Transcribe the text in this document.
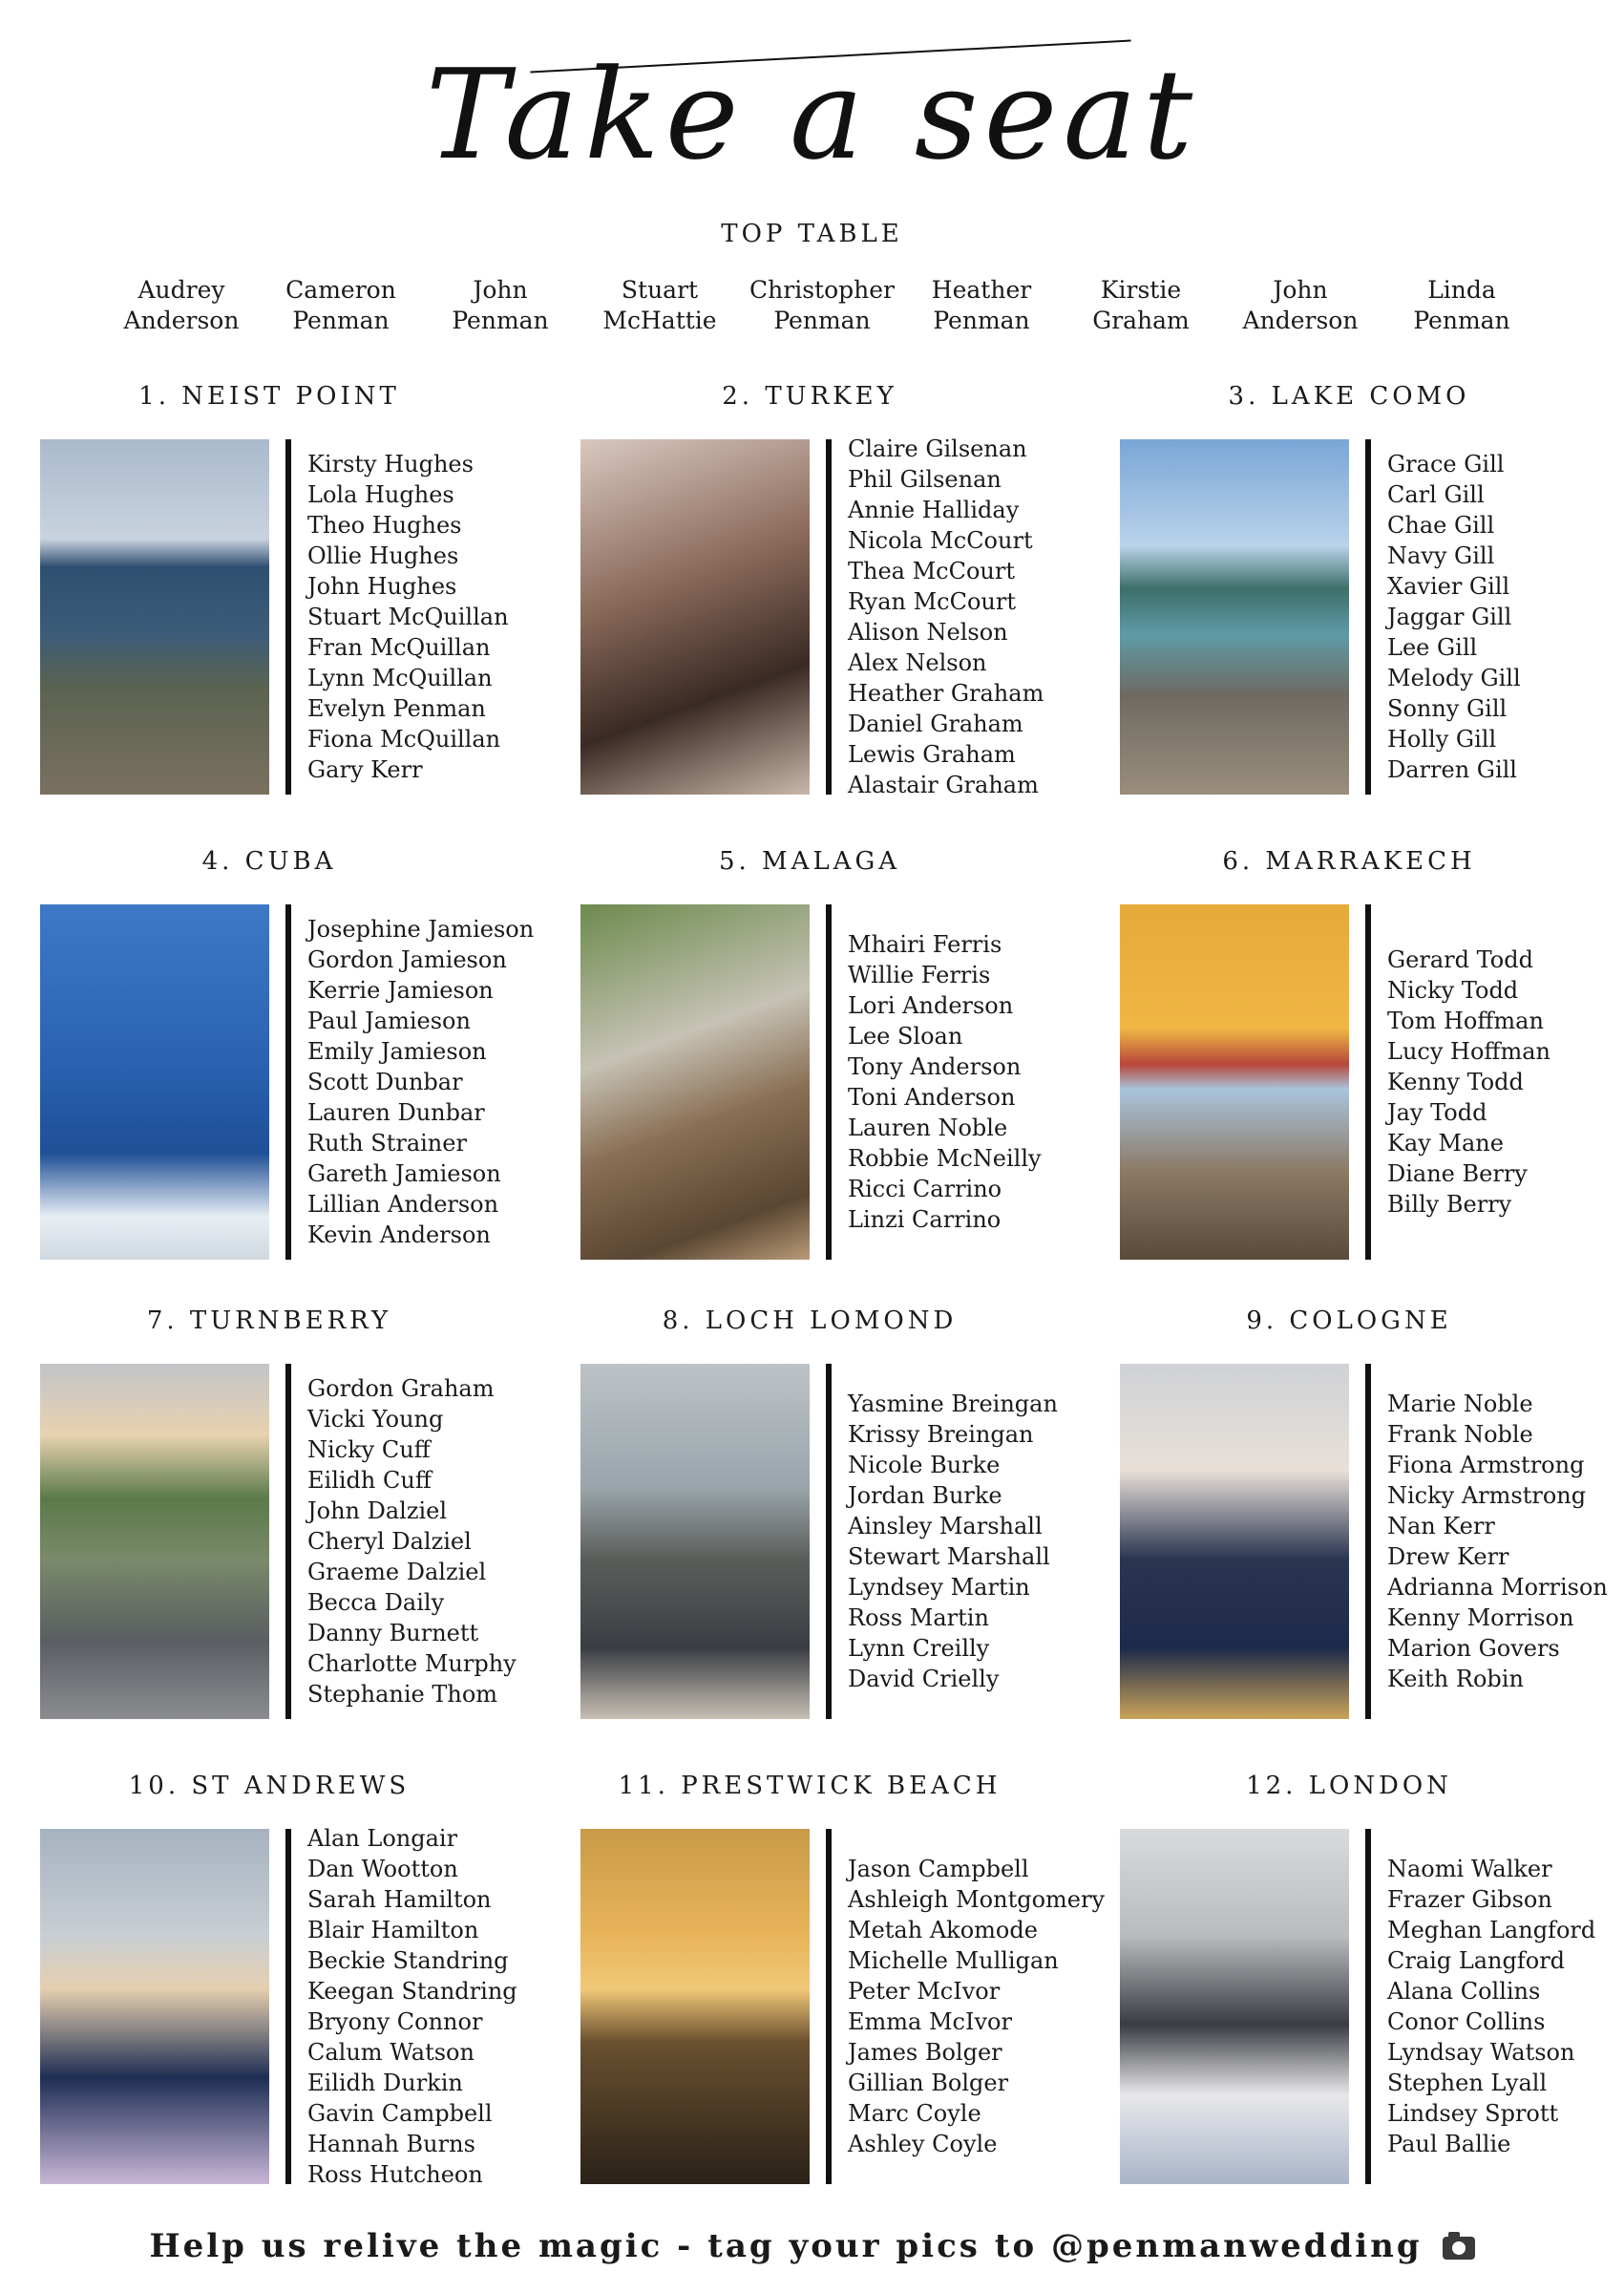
Take a seat
TOP TABLE
Audrey
Anderson
Cameron
Penman
John
Penman
Stuart
McHattie
Christopher
Penman
Heather
Penman
Kirstie
Graham
John
Anderson
Linda
Penman
1. NEIST POINT
Kirsty Hughes
Lola Hughes
Theo Hughes
Ollie Hughes
John Hughes
Stuart McQuillan
Fran McQuillan
Lynn McQuillan
Evelyn Penman
Fiona McQuillan
Gary Kerr
2. TURKEY
Claire Gilsenan
Phil Gilsenan
Annie Halliday
Nicola McCourt
Thea McCourt
Ryan McCourt
Alison Nelson
Alex Nelson
Heather Graham
Daniel Graham
Lewis Graham
Alastair Graham
3. LAKE COMO
Grace Gill
Carl Gill
Chae Gill
Navy Gill
Xavier Gill
Jaggar Gill
Lee Gill
Melody Gill
Sonny Gill
Holly Gill
Darren Gill
4. CUBA
Josephine Jamieson
Gordon Jamieson
Kerrie Jamieson
Paul Jamieson
Emily Jamieson
Scott Dunbar
Lauren Dunbar
Ruth Strainer
Gareth Jamieson
Lillian Anderson
Kevin Anderson
5. MALAGA
Mhairi Ferris
Willie Ferris
Lori Anderson
Lee Sloan
Tony Anderson
Toni Anderson
Lauren Noble
Robbie McNeilly
Ricci Carrino
Linzi Carrino
6. MARRAKECH
Gerard Todd
Nicky Todd
Tom Hoffman
Lucy Hoffman
Kenny Todd
Jay Todd
Kay Mane
Diane Berry
Billy Berry
7. TURNBERRY
Gordon Graham
Vicki Young
Nicky Cuff
Eilidh Cuff
John Dalziel
Cheryl Dalziel
Graeme Dalziel
Becca Daily
Danny Burnett
Charlotte Murphy
Stephanie Thom
8. LOCH LOMOND
Yasmine Breingan
Krissy Breingan
Nicole Burke
Jordan Burke
Ainsley Marshall
Stewart Marshall
Lyndsey Martin
Ross Martin
Lynn Creilly
David Crielly
9. COLOGNE
Marie Noble
Frank Noble
Fiona Armstrong
Nicky Armstrong
Nan Kerr
Drew Kerr
Adrianna Morrison
Kenny Morrison
Marion Govers
Keith Robin
10. ST ANDREWS
Alan Longair
Dan Wootton
Sarah Hamilton
Blair Hamilton
Beckie Standring
Keegan Standring
Bryony Connor
Calum Watson
Eilidh Durkin
Gavin Campbell
Hannah Burns
Ross Hutcheon
11. PRESTWICK BEACH
Jason Campbell
Ashleigh Montgomery
Metah Akomode
Michelle Mulligan
Peter McIvor
Emma McIvor
James Bolger
Gillian Bolger
Marc Coyle
Ashley Coyle
12. LONDON
Naomi Walker
Frazer Gibson
Meghan Langford
Craig Langford
Alana Collins
Conor Collins
Lyndsay Watson
Stephen Lyall
Lindsey Sprott
Paul Ballie
Help us relive the magic - tag your pics to @penmanwedding
